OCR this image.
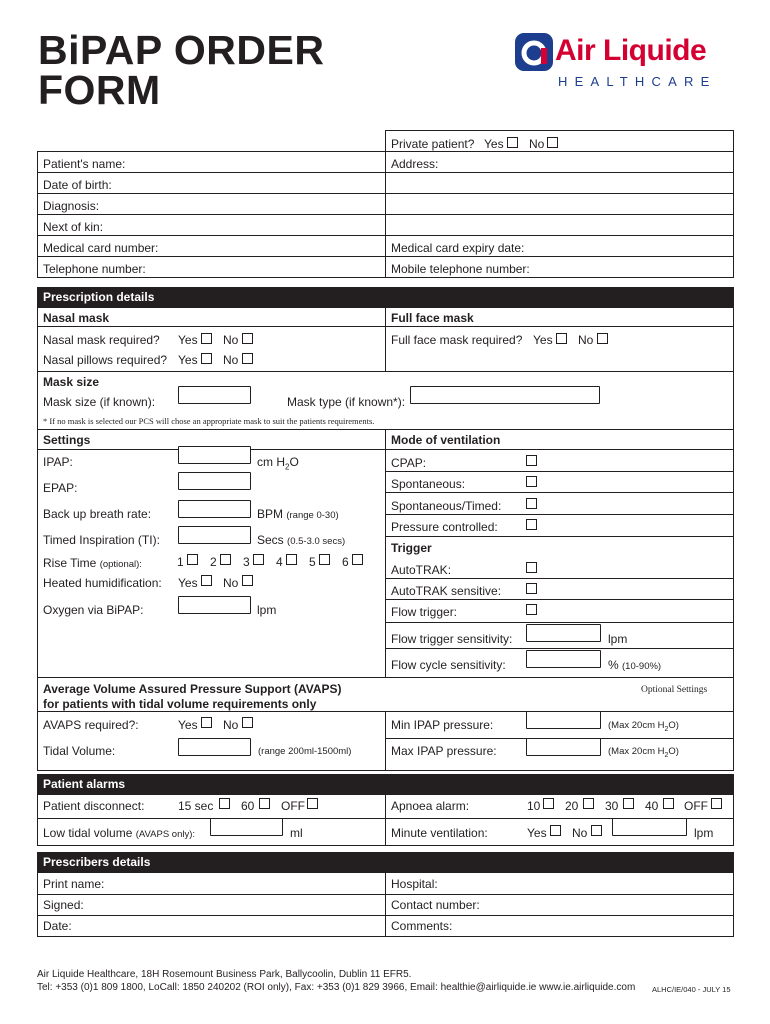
BiPAP ORDER
FORM
Air Liquide
HEALTHCARE
Private patient? Yes No
Patient's name:	Address:
Date of birth:
Diagnosis:
Next of kin:
Medical card number:	Medical card expiry date:
Telephone number:	Mobile telephone number:
Prescription details
Nasal mask	Full face mask
Nasal mask required? Yes No	Full face mask required? Yes No
Nasal pillows required? Yes No
Mask size
Mask size (if known):	Mask type (if known*):
* If no mask is selected our PCS will chose an appropriate mask to suit the patients requirements.
Settings	Mode of ventilation
IPAP:	cm $H_2O$
EPAP:
Back up breath rate:	BPM (range 0-30)
Timed Inspiration (TI):	Secs (0.5-3.0 secs)
Rise Time (optional):	1 2 3 4 5 6
Heated humidification: Yes No
Oxygen via BiPAP:	lpm
CPAP:
Spontaneous:
Spontaneous/Timed:
Pressure controlled:
Trigger
AutoTRAK:
AutoTRAK sensitive:
Flow trigger:
Flow trigger sensitivity:	lpm
Flow cycle sensitivity:	% (10-90%)
Average Volume Assured Pressure Support (AVAPS)
for patients with tidal volume requirements only
Optional Settings
AVAPS required?:	Yes No	Min IPAP pressure:	(Max 20cm $H_2O$)
Tidal Volume:	(range 200ml-1500ml)	Max IPAP pressure:	(Max 20cm $H_2O$)
Patient alarms
Patient disconnect:	15 sec 60 OFF	Apnoea alarm:	10 20 30 40 OFF
Low tidal volume (AVAPS only):	ml	Minute ventilation:	Yes No	lpm
Prescribers details
Print name:	Hospital:
Signed:	Contact number:
Date:	Comments:
Air Liquide Healthcare, 18H Rosemount Business Park, Ballycoolin, Dublin 11 EFR5.
Tel: +353 (0)1 809 1800, LoCall: 1850 240202 (ROI only), Fax: +353 (0)1 829 3966, Email: healthie@airliquide.ie www.ie.airliquide.com ALHC/IE/040 - JULY 15
